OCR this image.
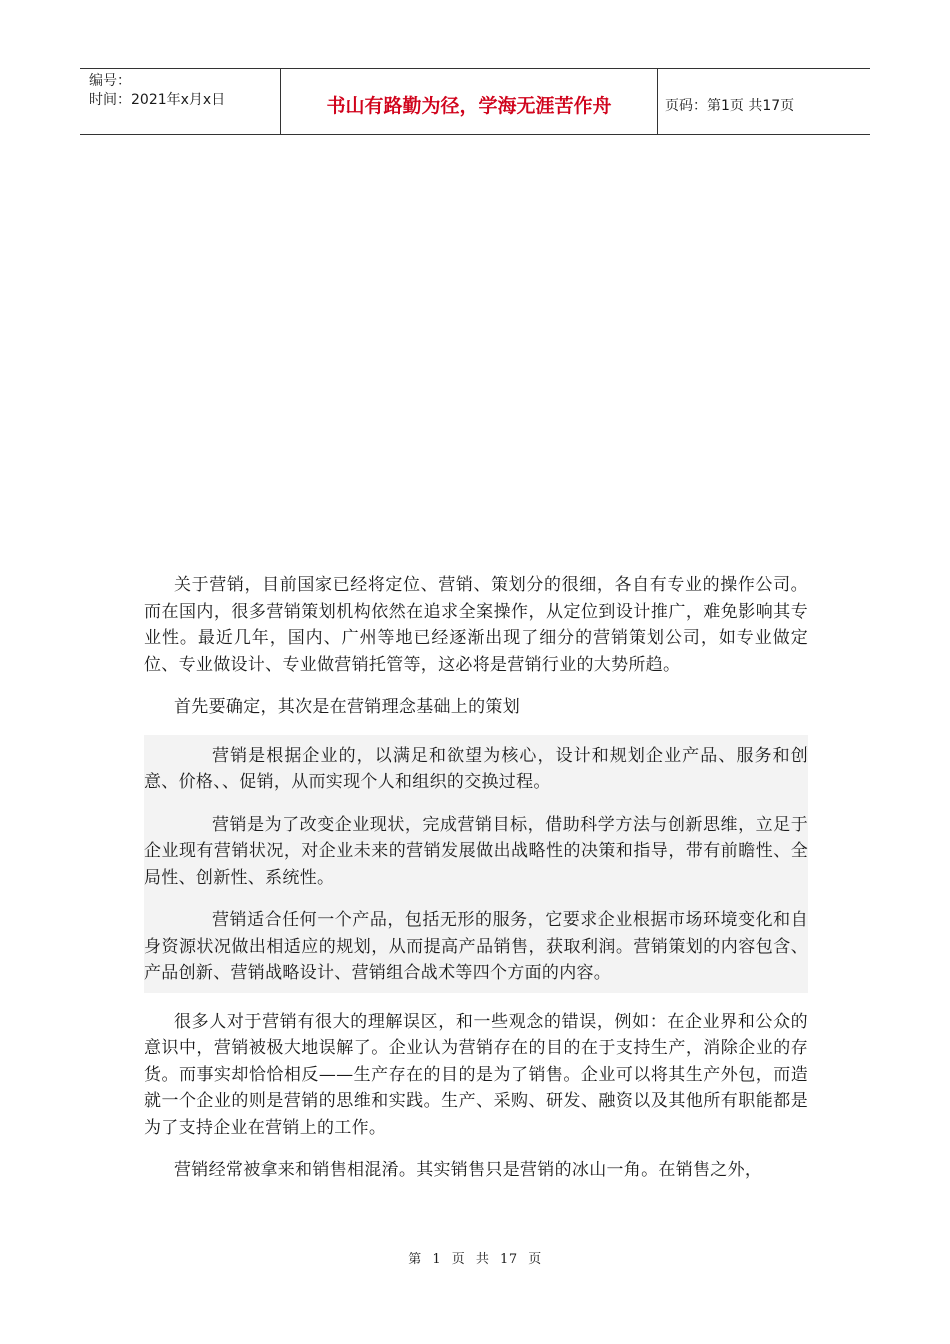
编号：
时间：2021年x月x日	书山有路勤为径，学海无涯苦作舟	页码：第1页 共17页

关于营销，目前国家已经将定位、营销、策划分的很细，各自有专业的操作公司。而在国内，很多营销策划机构依然在追求全案操作，从定位到设计推广，难免影响其专业性。最近几年，国内、广州等地已经逐渐出现了细分的营销策划公司，如专业做定位、专业做设计、专业做营销托管等，这必将是营销行业的大势所趋。

首先要确定，其次是在营销理念基础上的策划

营销是根据企业的，以满足和欲望为核心，设计和规划企业产品、服务和创意、价格、、促销，从而实现个人和组织的交换过程。

营销是为了改变企业现状，完成营销目标，借助科学方法与创新思维，立足于企业现有营销状况，对企业未来的营销发展做出战略性的决策和指导，带有前瞻性、全局性、创新性、系统性。

营销适合任何一个产品，包括无形的服务，它要求企业根据市场环境变化和自身资源状况做出相适应的规划，从而提高产品销售，获取利润。营销策划的内容包含、产品创新、营销战略设计、营销组合战术等四个方面的内容。

很多人对于营销有很大的理解误区，和一些观念的错误，例如：在企业界和公众的意识中，营销被极大地误解了。企业认为营销存在的目的在于支持生产，消除企业的存货。而事实却恰恰相反——生产存在的目的是为了销售。企业可以将其生产外包，而造就一个企业的则是营销的思维和实践。生产、采购、研发、融资以及其他所有职能都是为了支持企业在营销上的工作。

营销经常被拿来和销售相混淆。其实销售只是营销的冰山一角。在销售之外，

第 1 页 共 17 页
